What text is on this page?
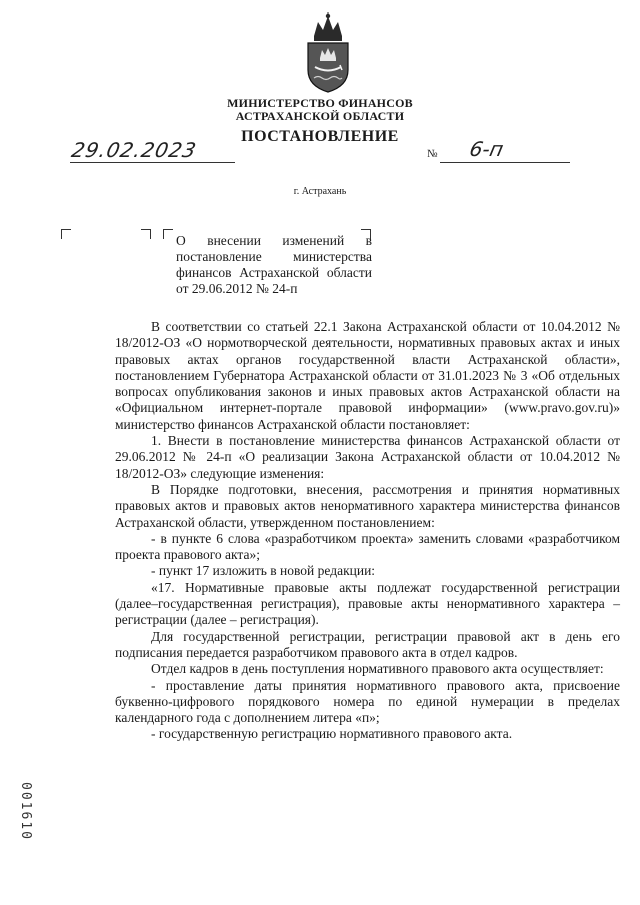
МИНИСТЕРСТВО ФИНАНСОВ
АСТРАХАНСКОЙ ОБЛАСТИ
ПОСТАНОВЛЕНИЕ
29.02.2023	№ 6-п
г. Астрахань
О внесении изменений в постановление министерства финансов Астраханской области от 29.06.2012 № 24-п

В соответствии со статьей 22.1 Закона Астраханской области от 10.04.2012 № 18/2012-ОЗ «О нормотворческой деятельности, нормативных правовых актах и иных правовых актах органов государственной власти Астраханской области», постановлением Губернатора Астраханской области от 31.01.2023 № 3 «Об отдельных вопросах опубликования законов и иных правовых актов Астраханской области на «Официальном интернет-портале правовой информации» (www.pravo.gov.ru)» министерство финансов Астраханской области постановляет:

1. Внести в постановление министерства финансов Астраханской области от 29.06.2012 № 24-п «О реализации Закона Астраханской области от 10.04.2012 № 18/2012-ОЗ» следующие изменения:

В Порядке подготовки, внесения, рассмотрения и принятия нормативных правовых актов и правовых актов ненормативного характера министерства финансов Астраханской области, утвержденном постановлением:

- в пункте 6 слова «разработчиком проекта» заменить словами «разработчиком проекта правового акта»;

- пункт 17 изложить в новой редакции:

«17. Нормативные правовые акты подлежат государственной регистрации (далее–государственная регистрация), правовые акты ненормативного характера – регистрации (далее – регистрация).

Для государственной регистрации, регистрации правовой акт в день его подписания передается разработчиком правового акта в отдел кадров.

Отдел кадров в день поступления нормативного правового акта осуществляет:

- проставление даты принятия нормативного правового акта, присвоение буквенно-цифрового порядкового номера по единой нумерации в пределах календарного года с дополнением литера «п»;

- государственную регистрацию нормативного правового акта.

001610
